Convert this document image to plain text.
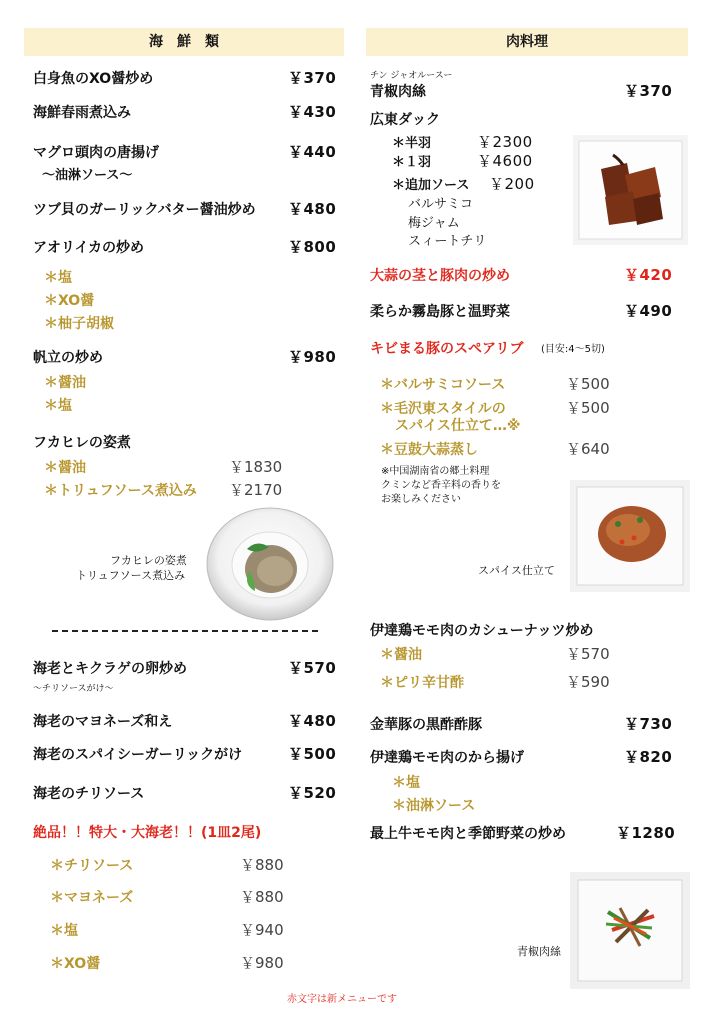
海　鮮　類
白身魚のXO醤炒め	￥370
海鮮春雨煮込み	￥430
マグロ頭肉の唐揚げ	￥440
〜油淋ソース〜
ツブ貝のガーリックバター醤油炒め ￥480
アオリイカの炒め	￥800
＊塩
＊XO醤
＊柚子胡椒
帆立の炒め	￥980
＊醤油
＊塩
フカヒレの姿煮
＊醤油	￥1830
＊トリュフソース煮込み ￥2170
フカヒレの姿煮
トリュフソース煮込み
海老とキクラゲの卵炒め	￥570
〜チリソースがけ〜
海老のマヨネーズ和え	￥480
海老のスパイシーガーリックがけ	￥500
海老のチリソース	￥520
絶品！！特大・大海老！！(1皿2尾)
＊チリソース	￥880
＊マヨネーズ	￥880
＊塩	￥940
＊XO醤	￥980
肉料理
チン ジャオルースー
青椒肉絲	￥370
広東ダック
＊半羽	￥2300
＊１羽	￥4600
＊追加ソース ￥200
バルサミコ
梅ジャム
スィートチリ
大蒜の茎と豚肉の炒め	￥420
柔らか霧島豚と温野菜	￥490
キビまる豚のスペアリブ (目安:4〜5切)
＊バルサミコソース	￥500
＊毛沢東スタイルの
スパイス仕立て…※
￥500
＊豆鼓大蒜蒸し	￥640
※中国湖南省の郷土料理
クミンなど香辛料の香りを
お楽しみください
スパイス仕立て
伊達鶏モモ肉のカシューナッツ炒め
＊醤油	￥570
＊ピリ辛甘酢	￥590
金華豚の黒酢酢豚	￥730
伊達鶏モモ肉のから揚げ	￥820
＊塩
＊油淋ソース
最上牛モモ肉と季節野菜の炒め	￥1280
青椒肉絲
赤文字は新メニューです
